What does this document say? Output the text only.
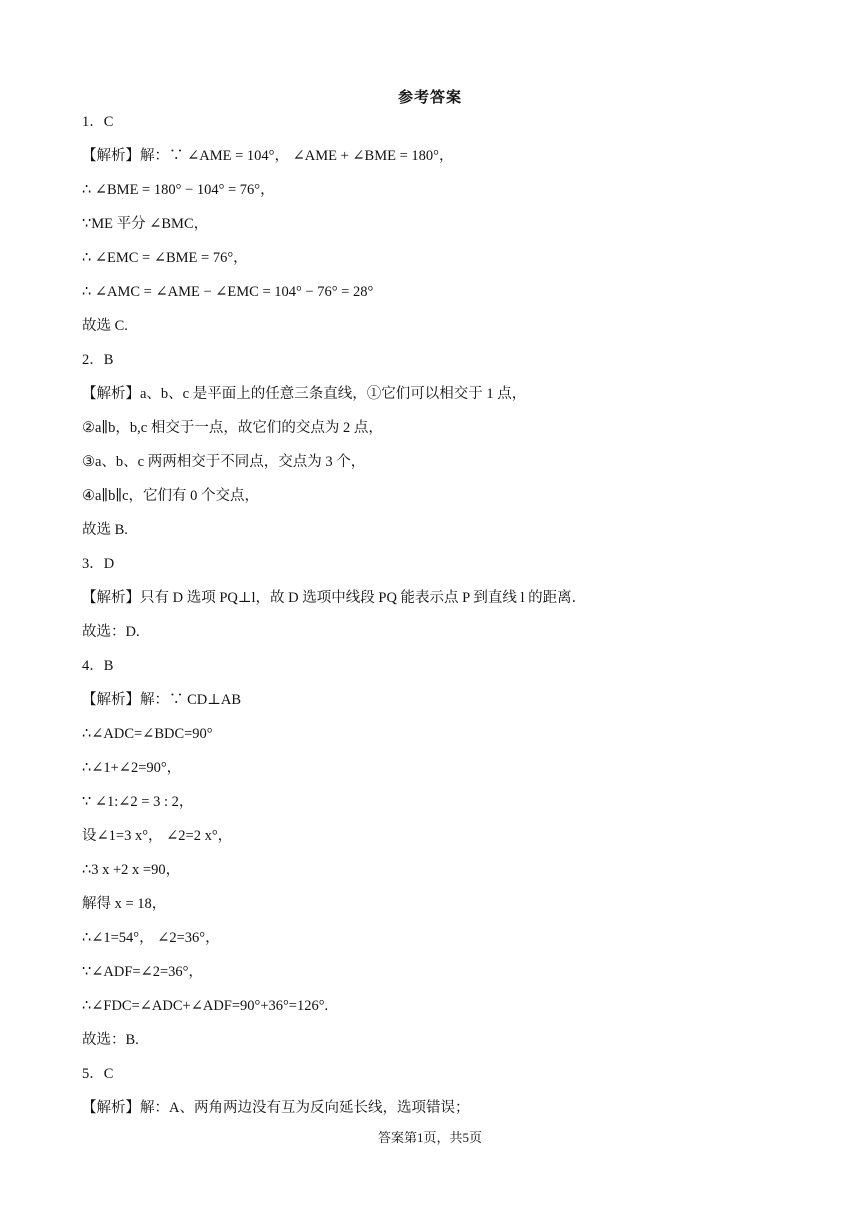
参考答案
1．C
【解析】解：∵ ∠AME = 104°， ∠AME + ∠BME = 180°，
∴ ∠BME = 180° − 104° = 76°，
∵ME 平分 ∠BMC，
∴ ∠EMC = ∠BME = 76°，
∴ ∠AMC = ∠AME − ∠EMC = 104° − 76° = 28°
故选 C.
2．B
【解析】a、b、c 是平面上的任意三条直线，①它们可以相交于 1 点，
②a∥b，b,c 相交于一点，故它们的交点为 2 点，
③a、b、c 两两相交于不同点，交点为 3 个，
④a∥b∥c，它们有 0 个交点，
故选 B.
3．D
【解析】只有 D 选项 PQ⊥l，故 D 选项中线段 PQ 能表示点 P 到直线 l 的距离．
故选：D.
4．B
【解析】解：∵ CD⊥AB
∴∠ADC=∠BDC=90°
∴∠1+∠2=90°，
∵ ∠1:∠2 = 3 : 2，
设∠1=3 x°， ∠2=2 x°，
∴3 x +2 x =90，
解得 x = 18，
∴∠1=54°， ∠2=36°，
∵∠ADF=∠2=36°，
∴∠FDC=∠ADC+∠ADF=90°+36°=126°.
故选：B.
5．C
【解析】解：A、两角两边没有互为反向延长线，选项错误；
答案第1页，共5页
